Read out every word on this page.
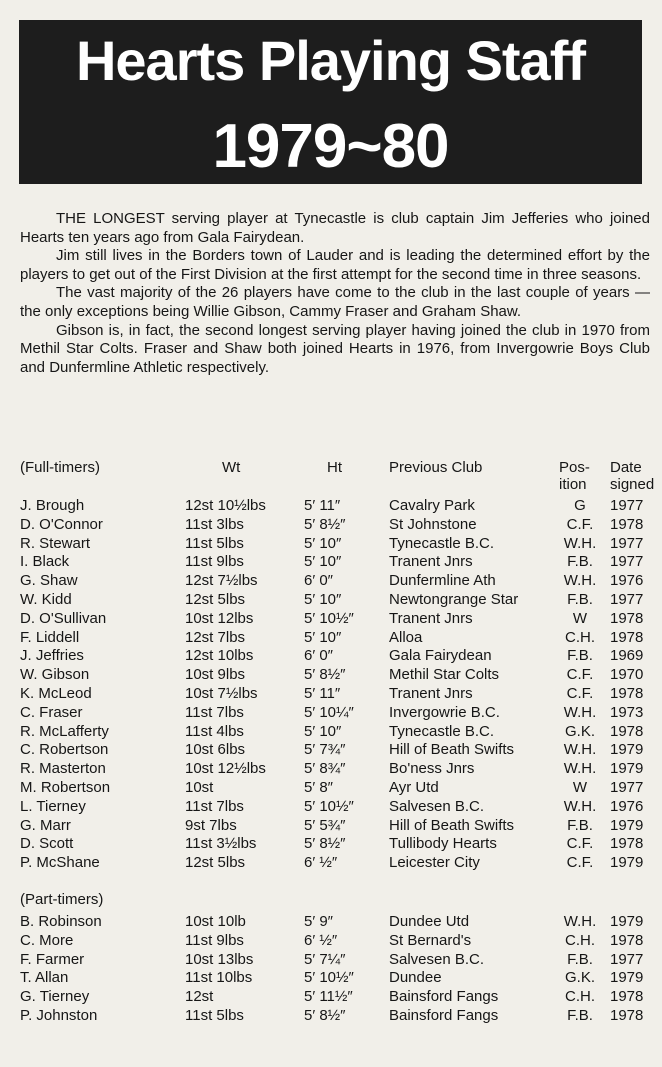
Hearts Playing Staff
1979~80

THE LONGEST serving player at Tynecastle is club captain Jim Jefferies who joined Hearts ten years ago from Gala Fairydean.

Jim still lives in the Borders town of Lauder and is leading the determined effort by the players to get out of the First Division at the first attempt for the second time in three seasons.

The vast majority of the 26 players have come to the club in the last couple of years — the only exceptions being Willie Gibson, Cammy Fraser and Graham Shaw.

Gibson is, in fact, the second longest serving player having joined the club in 1970 from Methil Star Colts. Fraser and Shaw both joined Hearts in 1976, from Invergowrie Boys Club and Dunfermline Athletic respectively.

(Full-timers)	Wt	Ht	Previous Club	Pos-
ition
Date
signed
J. Brough	12st 10½lbs	5′ 11″	Cavalry Park	G	1977
D. O'Connor	11st 3lbs	5′ 8½″	St Johnstone	C.F.	1978
R. Stewart	11st 5lbs	5′ 10″	Tynecastle B.C.	W.H. 1977
I. Black	11st 9lbs	5′ 10″	Tranent Jnrs	F.B.	1977
G. Shaw	12st 7½lbs	6′ 0″	Dunfermline Ath	W.H. 1976
W. Kidd	12st 5lbs	5′ 10″	Newtongrange Star	F.B.	1977
D. O'Sullivan	10st 12lbs	5′ 10½″ Tranent Jnrs	W	1978
F. Liddell	12st 7lbs	5′ 10″	Alloa	C.H.	1978
J. Jeffries	12st 10lbs	6′ 0″	Gala Fairydean	F.B.	1969
W. Gibson	10st 9lbs	5′ 8½″	Methil Star Colts	C.F.	1970
K. McLeod	10st 7½lbs	5′ 11″	Tranent Jnrs	C.F.	1978
C. Fraser	11st 7lbs	5′ 10¼″ Invergowrie B.C.	W.H. 1973
R. McLafferty	11st 4lbs	5′ 10″	Tynecastle B.C.	G.K.	1978
C. Robertson	10st 6lbs	5′ 7¾″	Hill of Beath Swifts	W.H. 1979
R. Masterton	10st 12½lbs	5′ 8¾″	Bo'ness Jnrs	W.H. 1979
M. Robertson	10st	5′ 8″	Ayr Utd	W	1977
L. Tierney	11st 7lbs	5′ 10½″ Salvesen B.C.	W.H. 1976
G. Marr	9st 7lbs	5′ 5¾″	Hill of Beath Swifts	F.B.	1979
D. Scott	11st 3½lbs	5′ 8½″	Tullibody Hearts	C.F.	1978
P. McShane	12st 5lbs	6′ ½″	Leicester City	C.F.	1979
(Part-timers)
B. Robinson	10st 10lb	5′ 9″	Dundee Utd	W.H. 1979
C. More	11st 9lbs	6′ ½″	St Bernard's	C.H.	1978
F. Farmer	10st 13lbs	5′ 7¼″	Salvesen B.C.	F.B.	1977
T. Allan	11st 10lbs	5′ 10½″ Dundee	G.K.	1979
G. Tierney	12st	5′ 11½″ Bainsford Fangs	C.H.	1978
P. Johnston	11st 5lbs	5′ 8½″	Bainsford Fangs	F.B.	1978
